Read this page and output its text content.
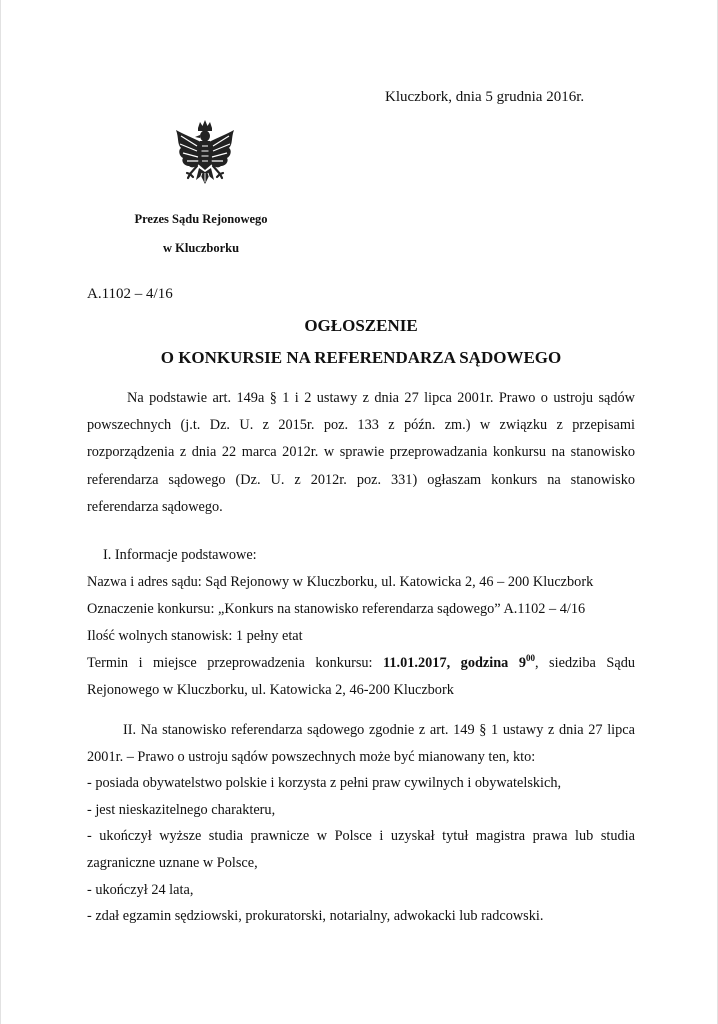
Kluczbork, dnia 5 grudnia 2016r.
Prezes Sądu Rejonowego
w Kluczborku
A.1102 – 4/16
OGŁOSZENIE
O KONKURSIE NA REFERENDARZA SĄDOWEGO
Na podstawie art. 149a § 1 i 2 ustawy z dnia 27 lipca 2001r. Prawo o ustroju sądów
powszechnych (j.t. Dz. U. z 2015r. poz. 133 z późn. zm.) w związku z przepisami
rozporządzenia z dnia 22 marca 2012r. w sprawie przeprowadzania konkursu na stanowisko
referendarza sądowego (Dz. U. z 2012r. poz. 331) ogłaszam konkurs na stanowisko
referendarza sądowego.
I. Informacje podstawowe:
Nazwa i adres sądu: Sąd Rejonowy w Kluczborku, ul. Katowicka 2, 46 – 200 Kluczbork
Oznaczenie konkursu: „Konkurs na stanowisko referendarza sądowego” A.1102 – 4/16
Ilość wolnych stanowisk: 1 pełny etat
Termin i miejsce przeprowadzenia konkursu: 11.01.2017, godzina $9^{00}$, siedziba Sądu
Rejonowego w Kluczborku, ul. Katowicka 2, 46-200 Kluczbork
II. Na stanowisko referendarza sądowego zgodnie z art. 149 § 1 ustawy z dnia 27 lipca
2001r. – Prawo o ustroju sądów powszechnych może być mianowany ten, kto:
- posiada obywatelstwo polskie i korzysta z pełni praw cywilnych i obywatelskich,
- jest nieskazitelnego charakteru,
- ukończył wyższe studia prawnicze w Polsce i uzyskał tytuł magistra prawa lub studia
zagraniczne uznane w Polsce,
- ukończył 24 lata,
- zdał egzamin sędziowski, prokuratorski, notarialny, adwokacki lub radcowski.
